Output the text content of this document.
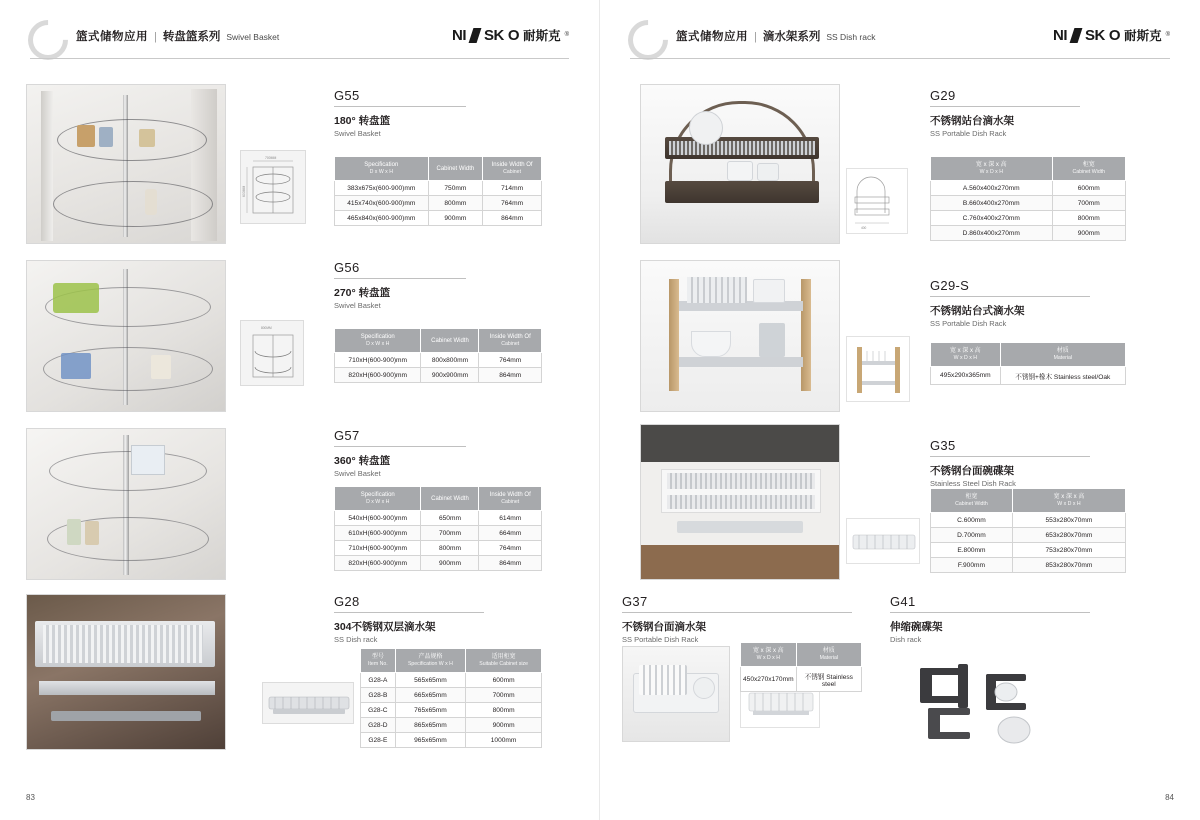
篮式储物应用 | 转盘篮系列 Swivel Basket	NI SK O 耐斯克 ®
700MM
600MM
G55
180° 转盘篮
Swivel Basket
Specification
D x W x H	Cabinet Width	Inside Width Of
Cabinet

383x675x(600-900)mm	750mm	714mm
415x740x(600-900)mm	800mm	764mm
465x840x(600-900)mm	900mm	864mm
800MM
G56
270° 转盘篮
Swivel Basket
Specification
D x W x H	Cabinet Width	Inside Width Of
Cabinet

710xH(600-900)mm	800x800mm	764mm
820xH(600-900)mm	900x900mm	864mm
G57
360° 转盘篮
Swivel Basket
Specification
D x W x H	Cabinet Width	Inside Width Of
Cabinet

540xH(600-900)mm	650mm	614mm
610xH(600-900)mm	700mm	664mm
710xH(600-900)mm	800mm	764mm
820xH(600-900)mm	900mm	864mm
G28
304不锈钢双层滴水架
SS Dish rack
型号
Item No.	产品规格
Specification W x H	适用柜宽
Suitable Cabinet size

G28-A	565x65mm	600mm
G28-B	665x65mm	700mm
G28-C	765x65mm	800mm
G28-D	865x65mm	900mm
G28-E	965x65mm	1000mm
83
篮式储物应用 | 滴水架系列 SS Dish rack	NI SK O 耐斯克 ®
400
G29
不锈钢站台滴水架
SS Portable Dish Rack
宽 x 深 x 高
W x D x H	柜宽
Cabinet Width

A.560x400x270mm	600mm
B.660x400x270mm	700mm
C.760x400x270mm	800mm
D.860x400x270mm	900mm
G29-S
不锈钢站台式滴水架
SS Portable Dish Rack
宽 x 深 x 高
W x D x H	材质
Material

495x290x365mm	不锈钢+橡木 Stainless steel/Oak
G35
不锈钢台面碗碟架
Stainless Steel Dish Rack
柜宽
Cabinet Width	宽 x 深 x 高
W x D x H

C.600mm	553x280x70mm
D.700mm	653x280x70mm
E.800mm	753x280x70mm
F.900mm	853x280x70mm
G37
不锈钢台面滴水架
SS Portable Dish Rack
宽 x 深 x 高
W x D x H	材质
Material

450x270x170mm	不锈钢 Stainless steel
G41
伸缩碗碟架
Dish rack
84
